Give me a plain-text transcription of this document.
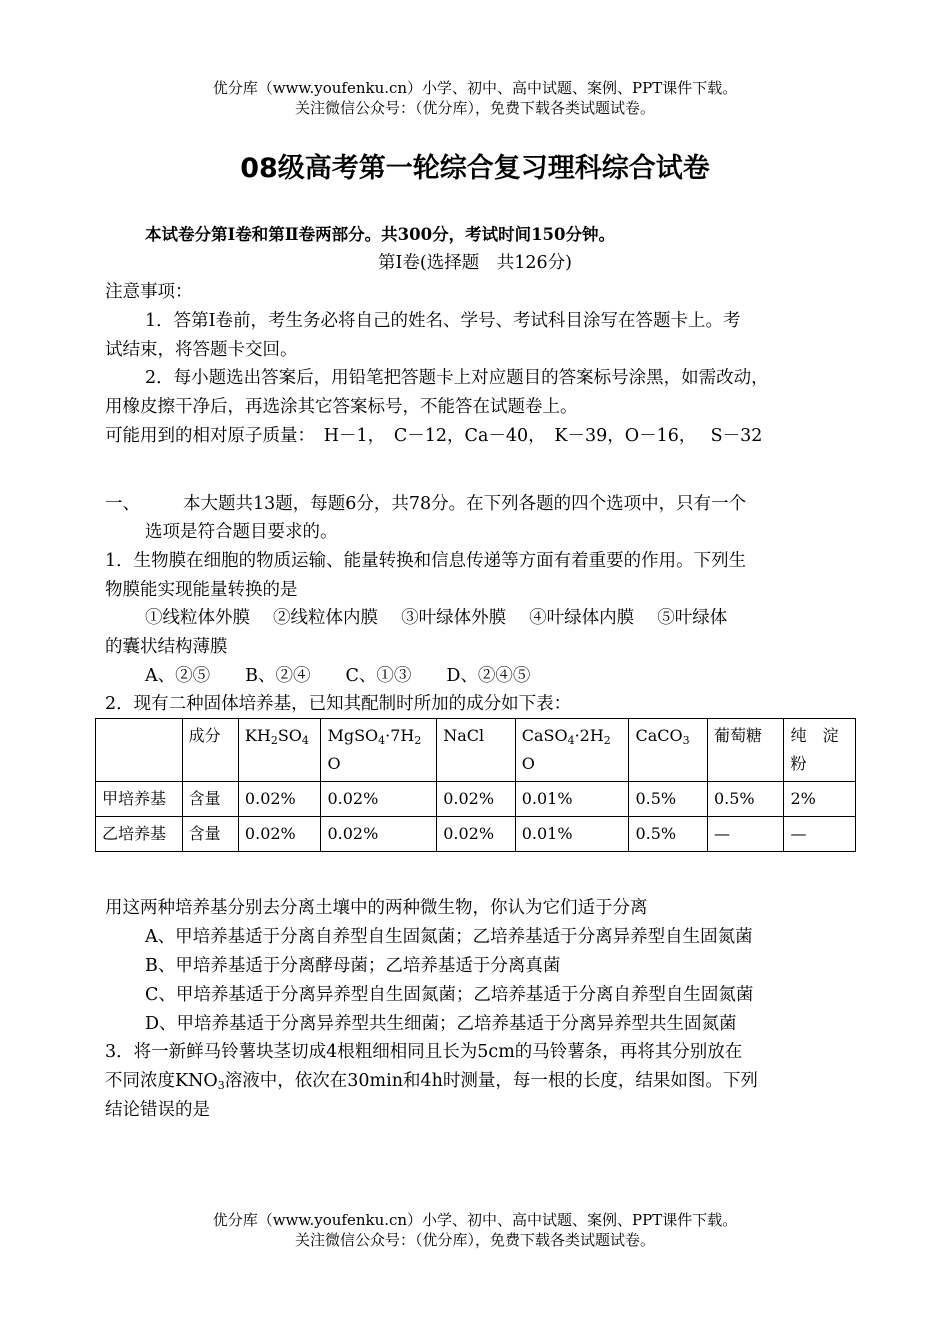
优分库（www.youfenku.cn）小学、初中、高中试题、案例、PPT课件下载。
关注微信公众号：（优分库），免费下载各类试题试卷。
08级高考第一轮综合复习理科综合试卷
本试卷分第Ⅰ卷和第Ⅱ卷两部分。共300分，考试时间150分钟。
第Ⅰ卷(选择题　共126分)
注意事项：
1．答第Ⅰ卷前，考生务必将自己的姓名、学号、考试科目涂写在答题卡上。考
试结束，将答题卡交回。
2．每小题选出答案后，用铅笔把答题卡上对应题目的答案标号涂黑，如需改动，
用橡皮擦干净后，再选涂其它答案标号，不能答在试题卷上。
可能用到的相对原子质量：　H－1，　C－12，Ca－40，　K－39，O－16，　 S－32
一、 本大题共13题，每题6分，共78分。在下列各题的四个选项中，只有一个
选项是符合题目要求的。
1．生物膜在细胞的物质运输、能量转换和信息传递等方面有着重要的作用。下列生
物膜能实现能量转换的是
①线粒体外膜　 ②线粒体内膜　 ③叶绿体外膜　 ④叶绿体内膜　 ⑤叶绿体
的囊状结构薄膜
A、②⑤　　B、②④　　C、①③　　D、②④⑤
2．现有二种固体培养基，已知其配制时所加的成分如下表：
	成分	$KH_2SO_4$	$MgSO_4\cdot 7H_2O$	NaCl	$CaSO_4\cdot 2H_2O$	CaCO$_3$	葡萄糖	纯　淀粉
甲培养基	含量	0.02%	0.02%	0.02%	0.01%	0.5%	0.5%	2%
乙培养基	含量	0.02%	0.02%	0.02%	0.01%	0.5%	—	—
用这两种培养基分别去分离土壤中的两种微生物，你认为它们适于分离
A、甲培养基适于分离自养型自生固氮菌；乙培养基适于分离异养型自生固氮菌
B、甲培养基适于分离酵母菌；乙培养基适于分离真菌
C、甲培养基适于分离异养型自生固氮菌；乙培养基适于分离自养型自生固氮菌
D、甲培养基适于分离异养型共生细菌；乙培养基适于分离异养型共生固氮菌
3．将一新鲜马铃薯块茎切成4根粗细相同且长为5cm的马铃薯条，再将其分别放在
不同浓度$KNO_3$溶液中，依次在30min和4h时测量，每一根的长度，结果如图。下列
结论错误的是
优分库（www.youfenku.cn）小学、初中、高中试题、案例、PPT课件下载。
关注微信公众号：（优分库），免费下载各类试题试卷。
